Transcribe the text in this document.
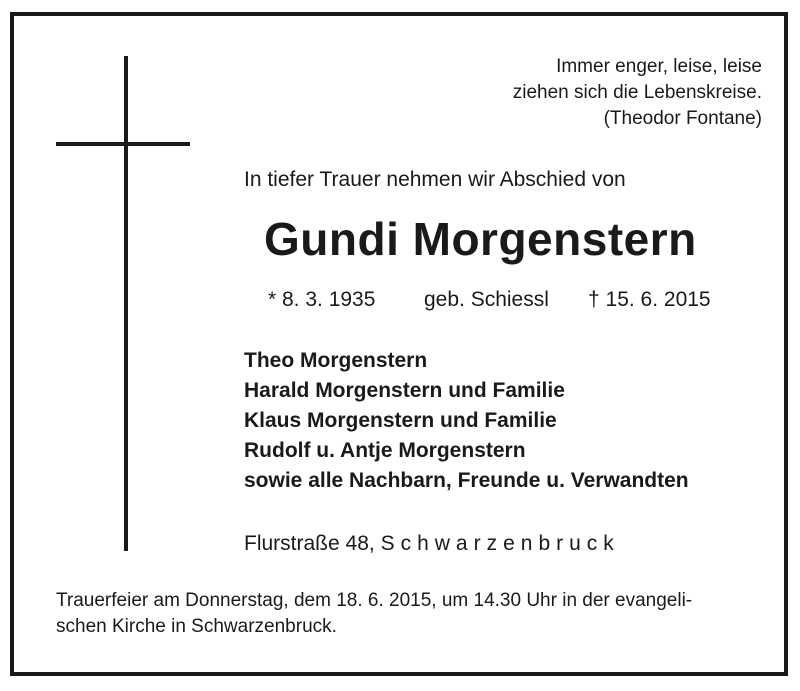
Immer enger, leise, leise
ziehen sich die Lebenskreise.
(Theodor Fontane)
In tiefer Trauer nehmen wir Abschied von
Gundi Morgenstern
* 8. 3. 1935 geb. Schiessl † 15. 6. 2015
Theo Morgenstern
Harald Morgenstern und Familie
Klaus Morgenstern und Familie
Rudolf u. Antje Morgenstern
sowie alle Nachbarn, Freunde u. Verwandten
Flurstraße 48, Schwarzenbruck
Trauerfeier am Donnerstag, dem 18. 6. 2015, um 14.30 Uhr in der evangeli-
schen Kirche in Schwarzenbruck.
